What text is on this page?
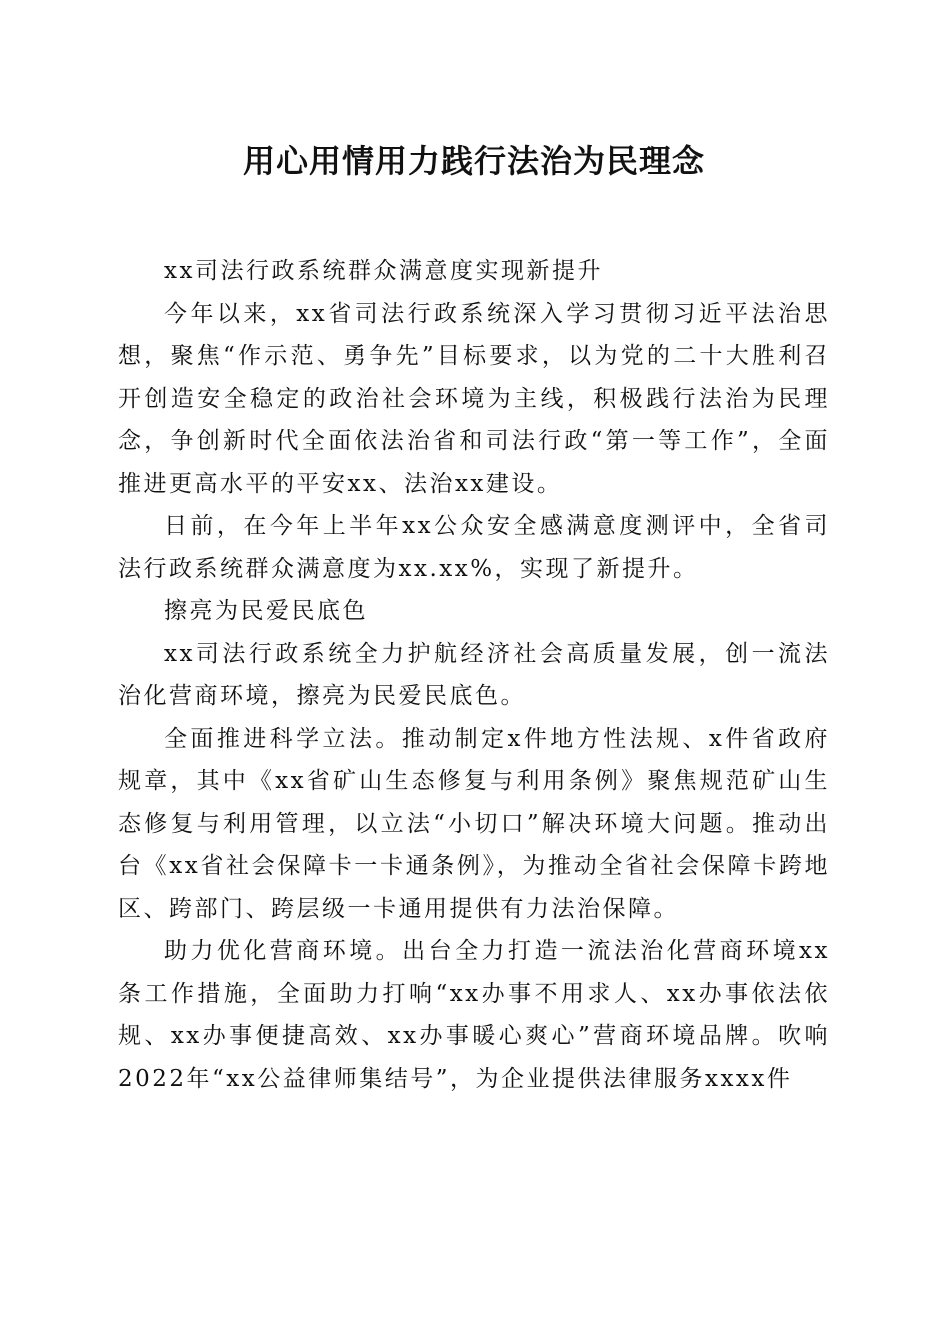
用心用情用力践行法治为民理念

xx司法行政系统群众满意度实现新提升

今年以来，xx省司法行政系统深入学习贯彻习近平法治思想，聚焦“作示范、勇争先”目标要求，以为党的二十大胜利召开创造安全稳定的政治社会环境为主线，积极践行法治为民理念，争创新时代全面依法治省和司法行政“第一等工作”，全面推进更高水平的平安xx、法治xx建设。

日前，在今年上半年xx公众安全感满意度测评中，全省司法行政系统群众满意度为xx.xx%，实现了新提升。

擦亮为民爱民底色

xx司法行政系统全力护航经济社会高质量发展，创一流法治化营商环境，擦亮为民爱民底色。

全面推进科学立法。推动制定x件地方性法规、x件省政府规章，其中《xx省矿山生态修复与利用条例》聚焦规范矿山生态修复与利用管理，以立法“小切口”解决环境大问题。推动出台《xx省社会保障卡一卡通条例》，为推动全省社会保障卡跨地区、跨部门、跨层级一卡通用提供有力法治保障。

助力优化营商环境。出台全力打造一流法治化营商环境xx条工作措施，全面助力打响“xx办事不用求人、xx办事依法依规、xx办事便捷高效、xx办事暖心爽心”营商环境品牌。吹响2022年“xx公益律师集结号”，为企业提供法律服务xxxx件
